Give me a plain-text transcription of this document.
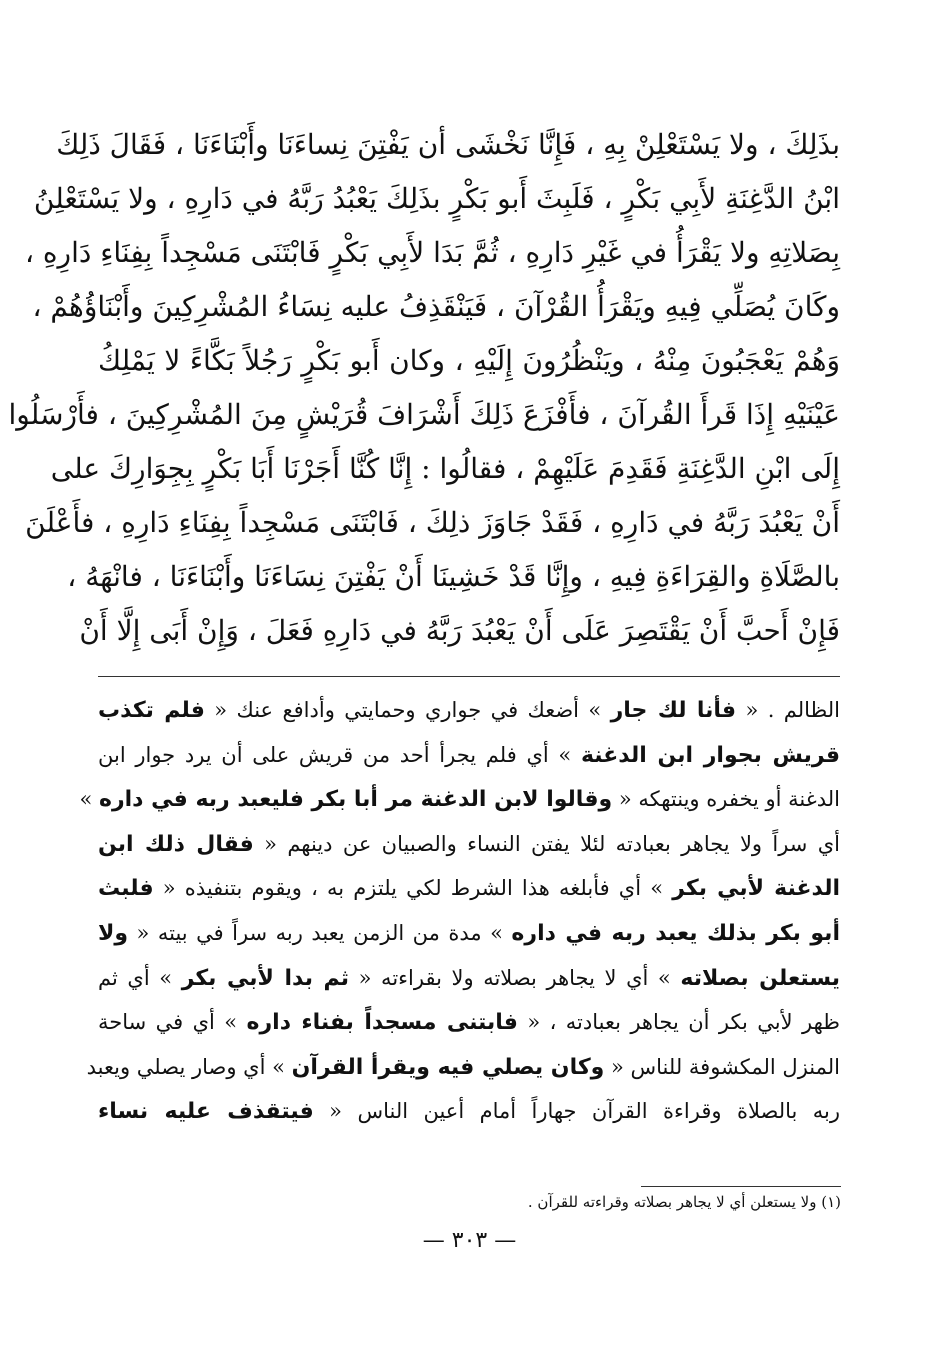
بذَلِكَ ، ولا يَسْتَعْلِنْ بِهِ ، فَإِنَّا نَخْشَى أن يَفْتِنَ نِساءَنَا وأَبْنَاءَنَا ، فَقَالَ ذَلِكَ
ابْنُ الدَّغِنَةِ لأَبِي بَكْرٍ ، فَلَبِثَ أَبو بَكْرٍ بذَلِكَ يَعْبُدُ رَبَّهُ في دَارِهِ ، ولا يَسْتَعْلِنُ
بِصَلاتِهِ ولا يَقْرَأُ في غَيْرِ دَارِهِ ، ثُمَّ بَدَا لأَبِي بَكْرٍ فَابْتَنَى مَسْجِداً بِفِنَاءِ دَارِهِ ،
وكَانَ يُصَلِّي فِيهِ ويَقْرَأُ القُرْآنَ ، فَيَنْقَذِفُ عليه نِسَاءُ المُشْرِكِينَ وأَبْنَاؤُهُمْ ،
وَهُمْ يَعْجَبُونَ مِنْهُ ، ويَنْظُرُونَ إِلَيْهِ ، وكان أَبو بَكْرٍ رَجُلاً بَكَّاءً لا يَمْلِكُ
عَيْنَيْهِ إِذَا قَرأَ القُرآنَ ، فأَفْزَعَ ذَلِكَ أَشْرَافَ قُرَيْشٍ مِنَ المُشْرِكِينَ ، فأَرْسَلُوا
إِلَى ابْنِ الدَّغِنَةِ فَقَدِمَ عَلَيْهِمْ ، فقالُوا : إِنَّا كُنَّا أَجَرْنَا أَبَا بَكْرٍ بِجِوَارِكَ على
أَنْ يَعْبُدَ رَبَّهُ في دَارِهِ ، فَقَدْ جَاوَزَ ذلِكَ ، فَابْتَنَى مَسْجِداً بِفِنَاءِ دَارِهِ ، فأَعْلَنَ
بالصَّلَاةِ والقِرَاءَةِ فِيهِ ، وإِنَّا قَدْ خَشِينَا أَنْ يَفْتِنَ نِسَاءَنَا وأَبْنَاءَنَا ، فانْهَهُ ،
فَإِنْ أَحبَّ أَنْ يَقْتَصِرَ عَلَى أَنْ يَعْبُدَ رَبَّهُ في دَارِهِ فَعَلَ ، وَإِنْ أَبَى إِلَّا أَنْ
الظالم . « فأنا لك جار » أضعك في جواري وحمايتي وأدافع عنك « فلم تكذب
قريش بجوار ابن الدغنة » أي فلم يجرأ أحد من قريش على أن يرد جوار ابن
الدغنة أو يخفره وينتهكه « وقالوا لابن الدغنة مر أبا بكر فليعبد ربه في داره »
أي سراً ولا يجاهر بعبادته لئلا يفتن النساء والصبيان عن دينهم « فقال ذلك ابن
الدغنة لأبي بكر » أي فأبلغه هذا الشرط لكي يلتزم به ، ويقوم بتنفيذه « فلبث
أبو بكر بذلك يعبد ربه في داره » مدة من الزمن يعبد ربه سراً في بيته « ولا
يستعلن بصلاته » أي لا يجاهر بصلاته ولا بقراءته « ثم بدا لأبي بكر » أي ثم
ظهر لأبي بكر أن يجاهر بعبادته ، « فابتنى مسجداً بفناء داره » أي في ساحة
المنزل المكشوفة للناس « وكان يصلي فيه ويقرأ القرآن » أي وصار يصلي ويعبد
ربه بالصلاة وقراءة القرآن جهاراً أمام أعين الناس « فيتقذف عليه نساء
(١) ولا يستعلن أي لا يجاهر بصلاته وقراءته للقرآن .
— ٣٠٣ —
